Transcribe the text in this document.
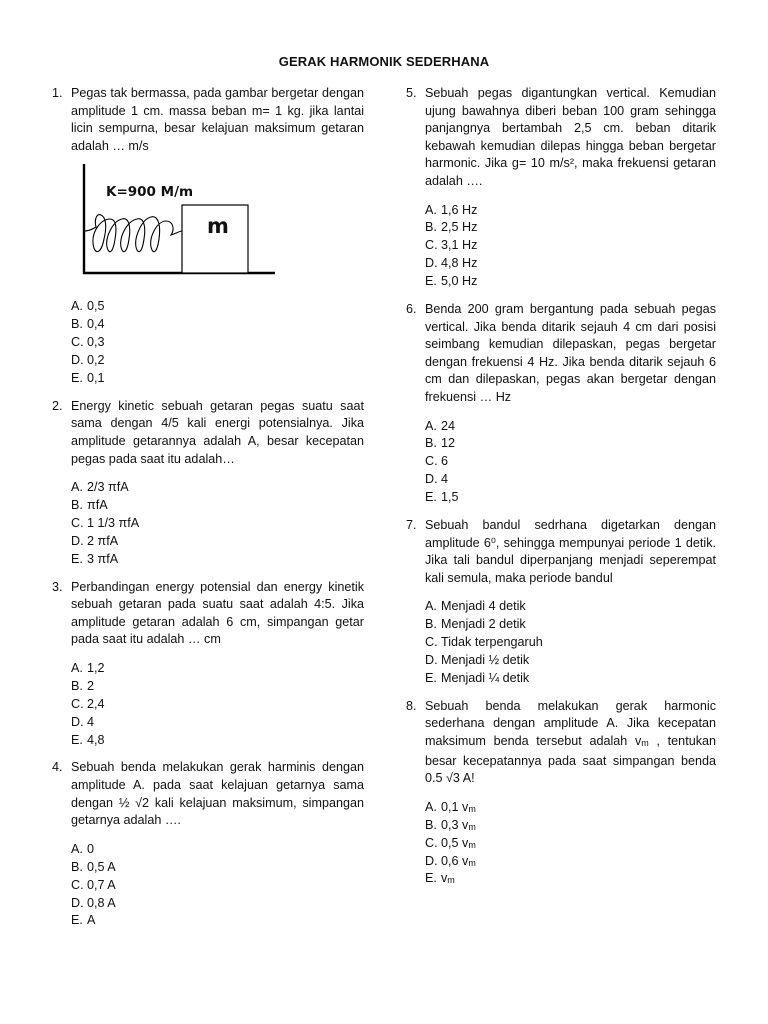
GERAK HARMONIK SEDERHANA
1. Pegas tak bermassa, pada gambar bergetar dengan amplitude 1 cm. massa beban m= 1 kg. jika lantai licin sempurna, besar kelajuan maksimum getaran adalah … m/s
K=900 M/m
m
A. 0,5
B. 0,4
C. 0,3
D. 0,2
E. 0,1
2. Energy kinetic sebuah getaran pegas suatu saat sama dengan 4/5 kali energi potensialnya. Jika amplitude getarannya adalah A, besar kecepatan pegas pada saat itu adalah…
A. 2/3 πfA
B. πfA
C. 1 1/3 πfA
D. 2 πfA
E. 3 πfA
3. Perbandingan energy potensial dan energy kinetik sebuah getaran pada suatu saat adalah 4:5. Jika amplitude getaran adalah 6 cm, simpangan getar pada saat itu adalah … cm
A. 1,2
B. 2
C. 2,4
D. 4
E. 4,8
4. Sebuah benda melakukan gerak harminis dengan amplitude A. pada saat kelajuan getarnya sama dengan ½ √2 kali kelajuan maksimum, simpangan getarnya adalah ….
A. 0
B. 0,5 A
C. 0,7 A
D. 0,8 A
E. A
5. Sebuah pegas digantungkan vertical. Kemudian ujung bawahnya diberi beban 100 gram sehingga panjangnya bertambah 2,5 cm. beban ditarik kebawah kemudian dilepas hingga beban bergetar harmonic. Jika g= 10 m/s², maka frekuensi getaran adalah ….
A. 1,6 Hz
B. 2,5 Hz
C. 3,1 Hz
D. 4,8 Hz
E. 5,0 Hz
6. Benda 200 gram bergantung pada sebuah pegas vertical. Jika benda ditarik sejauh 4 cm dari posisi seimbang kemudian dilepaskan, pegas bergetar dengan frekuensi 4 Hz. Jika benda ditarik sejauh 6 cm dan dilepaskan, pegas akan bergetar dengan frekuensi … Hz
A. 24
B. 12
C. 6
D. 4
E. 1,5
7. Sebuah bandul sedrhana digetarkan dengan amplitude 6⁰, sehingga mempunyai periode 1 detik. Jika tali bandul diperpanjang menjadi seperempat kali semula, maka periode bandul
A. Menjadi 4 detik
B. Menjadi 2 detik
C. Tidak terpengaruh
D. Menjadi ½ detik
E. Menjadi ¼ detik
8. Sebuah benda melakukan gerak harmonic sederhana dengan amplitude A. Jika kecepatan maksimum benda tersebut adalah vm , tentukan besar kecepatannya pada saat simpangan benda 0.5 √3 A!
A. 0,1 vm
B. 0,3 vm
C. 0,5 vm
D. 0,6 vm
E. vm
